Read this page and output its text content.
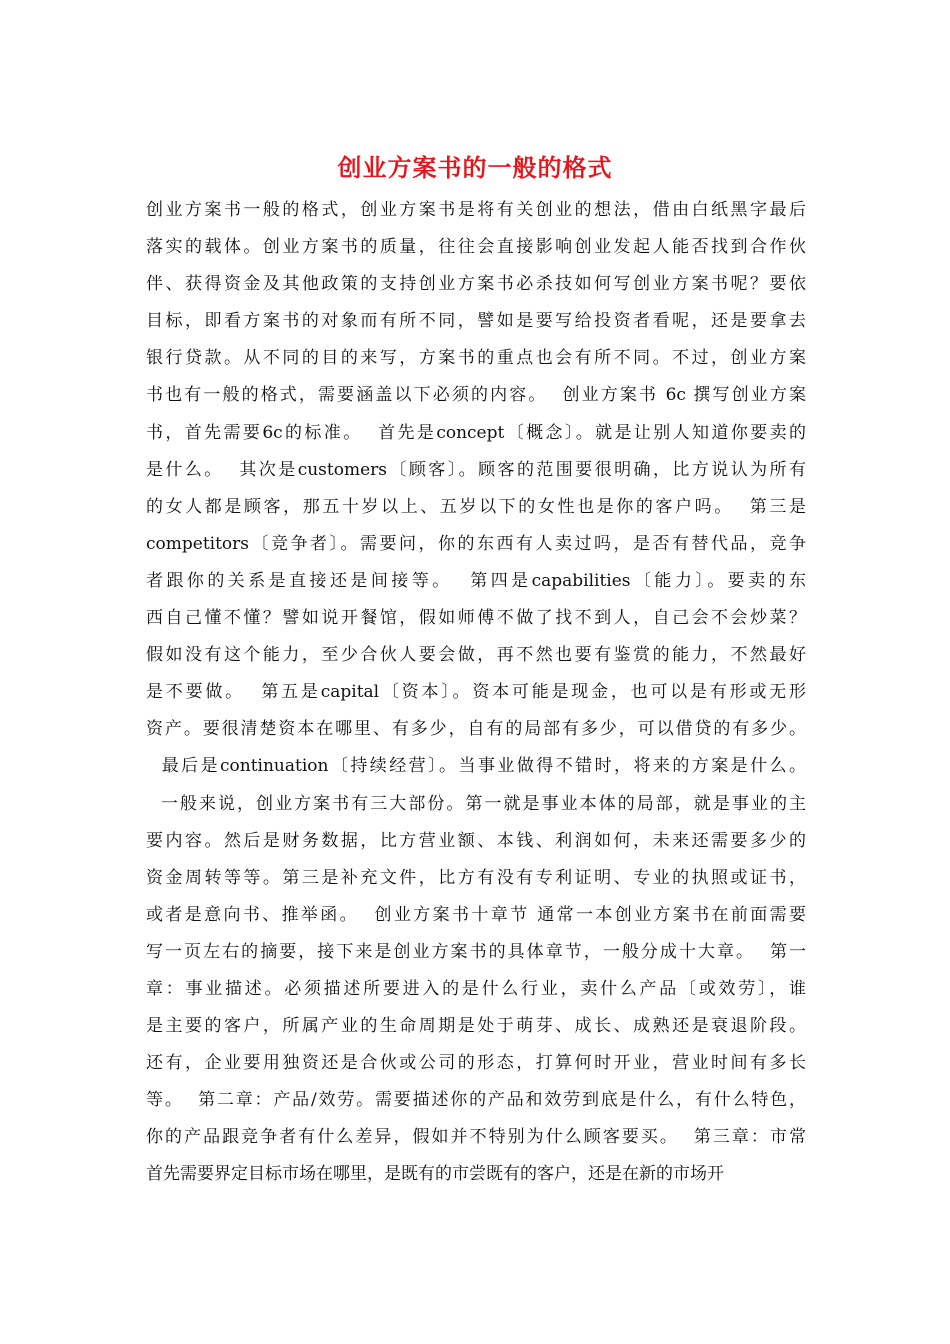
创业方案书的一般的格式
创业方案书一般的格式，创业方案书是将有关创业的想法，借由白纸黑字最后
落实的载体。创业方案书的质量，往往会直接影响创业发起人能否找到合作伙
伴、获得资金及其他政策的支持创业方案书必杀技如何写创业方案书呢？要依
目标，即看方案书的对象而有所不同，譬如是要写给投资者看呢，还是要拿去
银行贷款。从不同的目的来写，方案书的重点也会有所不同。不过，创业方案
书也有一般的格式，需要涵盖以下必须的内容。  创业方案书 6c 撰写创业方案
书，首先需要6c的标准。  首先是concept〔概念〕。就是让别人知道你要卖的
是什么。  其次是customers〔顾客〕。顾客的范围要很明确，比方说认为所有
的女人都是顾客，那五十岁以上、五岁以下的女性也是你的客户吗。  第三是
competitors〔竞争者〕。需要问，你的东西有人卖过吗，是否有替代品，竞争
者跟你的关系是直接还是间接等。  第四是capabilities〔能力〕。要卖的东
西自己懂不懂？譬如说开餐馆，假如师傅不做了找不到人，自己会不会炒菜？
假如没有这个能力，至少合伙人要会做，再不然也要有鉴赏的能力，不然最好
是不要做。  第五是capital〔资本〕。资本可能是现金，也可以是有形或无形
资产。要很清楚资本在哪里、有多少，自有的局部有多少，可以借贷的有多少。
最后是continuation〔持续经营〕。当事业做得不错时，将来的方案是什么。
一般来说，创业方案书有三大部份。第一就是事业本体的局部，就是事业的主
要内容。然后是财务数据，比方营业额、本钱、利润如何，未来还需要多少的
资金周转等等。第三是补充文件，比方有没有专利证明、专业的执照或证书，
或者是意向书、推举函。  创业方案书十章节 通常一本创业方案书在前面需要
写一页左右的摘要，接下来是创业方案书的具体章节，一般分成十大章。  第一
章：事业描述。必须描述所要进入的是什么行业，卖什么产品〔或效劳〕，谁
是主要的客户，所属产业的生命周期是处于萌芽、成长、成熟还是衰退阶段。
还有，企业要用独资还是合伙或公司的形态，打算何时开业，营业时间有多长
等。  第二章：产品/效劳。需要描述你的产品和效劳到底是什么，有什么特色，
你的产品跟竞争者有什么差异，假如并不特别为什么顾客要买。  第三章：市常
首先需要界定目标市场在哪里，是既有的市尝既有的客户，还是在新的市场开
